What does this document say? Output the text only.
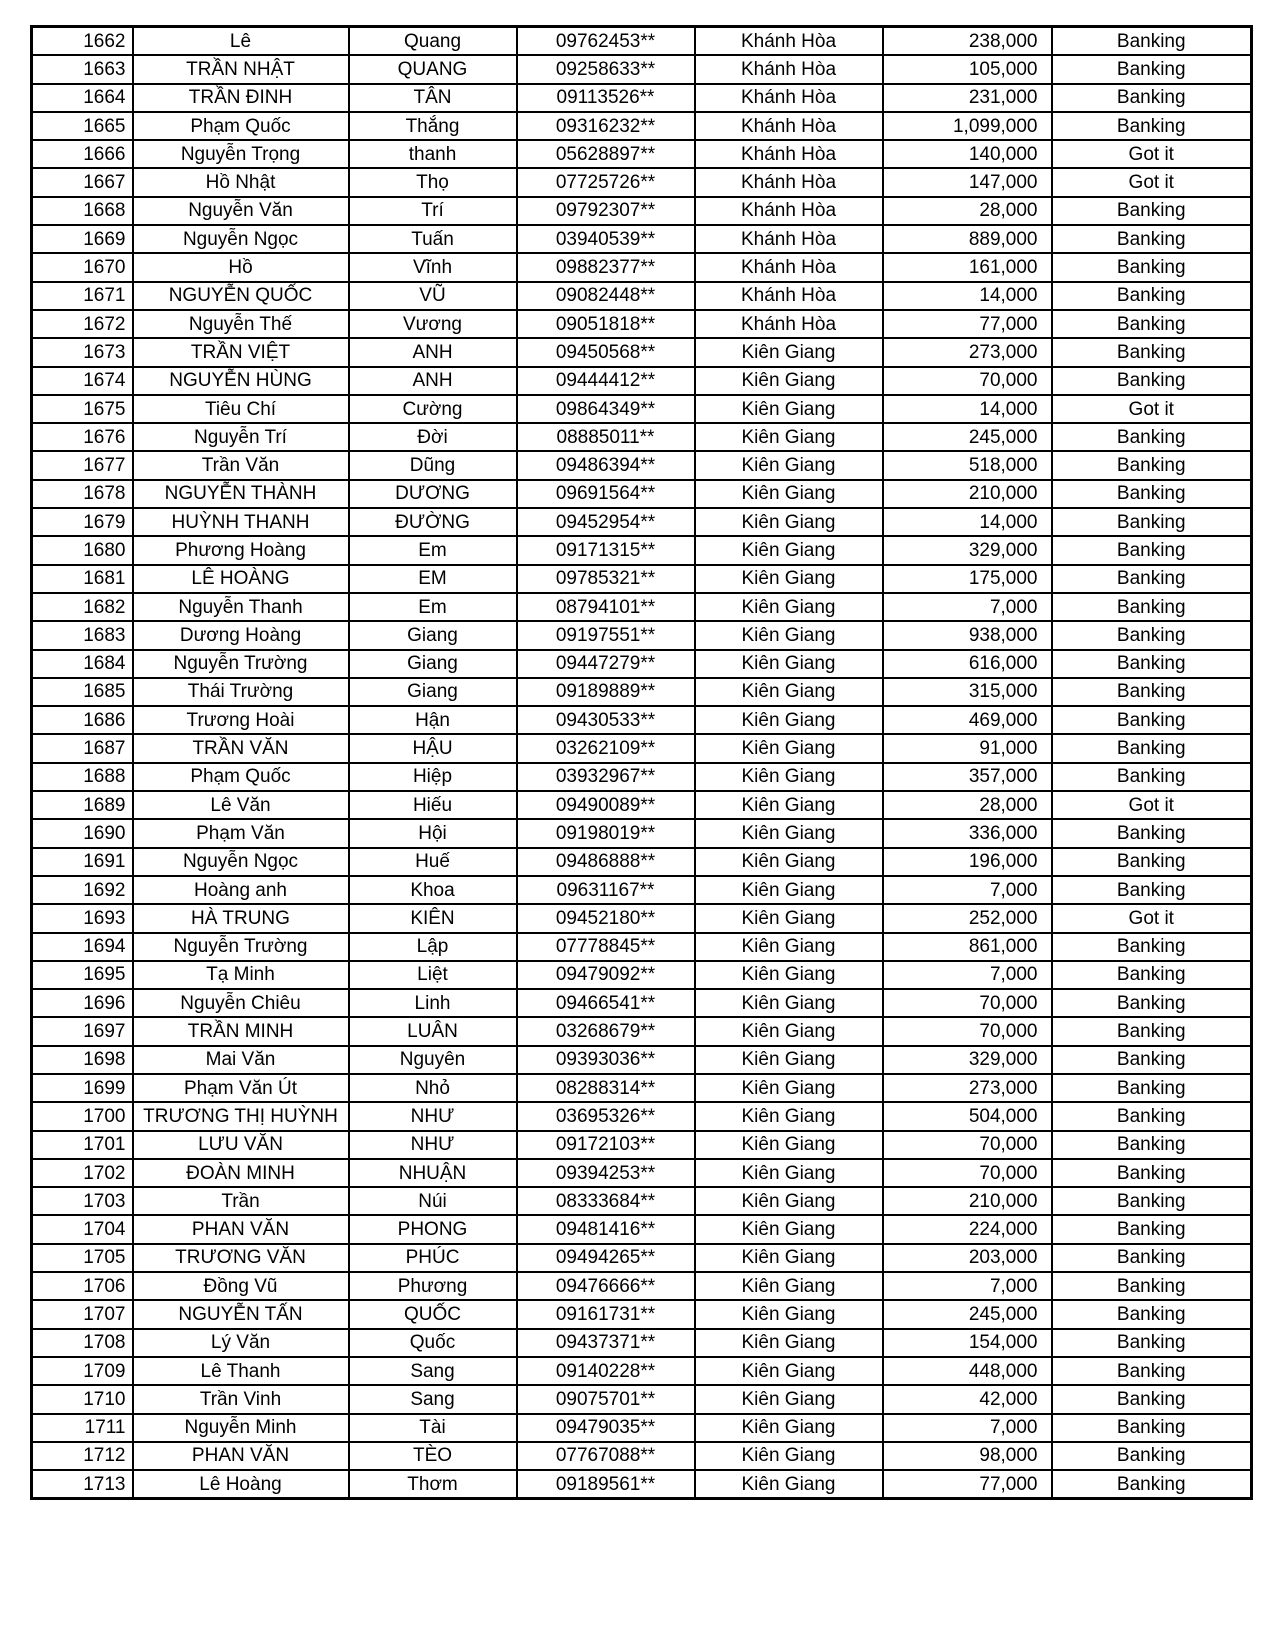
1662	Lê	Quang	09762453**	Khánh Hòa	238,000	Banking
1663	TRẦN NHẬT	QUANG	09258633**	Khánh Hòa	105,000	Banking
1664	TRẦN ĐINH	TÂN	09113526**	Khánh Hòa	231,000	Banking
1665	Phạm Quốc	Thắng	09316232**	Khánh Hòa	1,099,000	Banking
1666	Nguyễn Trọng	thanh	05628897**	Khánh Hòa	140,000	Got it
1667	Hồ Nhật	Thọ	07725726**	Khánh Hòa	147,000	Got it
1668	Nguyễn Văn	Trí	09792307**	Khánh Hòa	28,000	Banking
1669	Nguyễn Ngọc	Tuấn	03940539**	Khánh Hòa	889,000	Banking
1670	Hồ	Vĩnh	09882377**	Khánh Hòa	161,000	Banking
1671	NGUYỄN QUỐC	VŨ	09082448**	Khánh Hòa	14,000	Banking
1672	Nguyễn Thế	Vương	09051818**	Khánh Hòa	77,000	Banking
1673	TRẦN VIỆT	ANH	09450568**	Kiên Giang	273,000	Banking
1674	NGUYỄN HÙNG	ANH	09444412**	Kiên Giang	70,000	Banking
1675	Tiêu Chí	Cường	09864349**	Kiên Giang	14,000	Got it
1676	Nguyễn Trí	Đời	08885011**	Kiên Giang	245,000	Banking
1677	Trần Văn	Dũng	09486394**	Kiên Giang	518,000	Banking
1678	NGUYỄN THÀNH	DƯƠNG	09691564**	Kiên Giang	210,000	Banking
1679	HUỲNH THANH	ĐƯỜNG	09452954**	Kiên Giang	14,000	Banking
1680	Phương Hoàng	Em	09171315**	Kiên Giang	329,000	Banking
1681	LÊ HOÀNG	EM	09785321**	Kiên Giang	175,000	Banking
1682	Nguyễn Thanh	Em	08794101**	Kiên Giang	7,000	Banking
1683	Dương Hoàng	Giang	09197551**	Kiên Giang	938,000	Banking
1684	Nguyễn Trường	Giang	09447279**	Kiên Giang	616,000	Banking
1685	Thái Trường	Giang	09189889**	Kiên Giang	315,000	Banking
1686	Trương Hoài	Hận	09430533**	Kiên Giang	469,000	Banking
1687	TRẦN VĂN	HẬU	03262109**	Kiên Giang	91,000	Banking
1688	Phạm Quốc	Hiệp	03932967**	Kiên Giang	357,000	Banking
1689	Lê Văn	Hiếu	09490089**	Kiên Giang	28,000	Got it
1690	Phạm Văn	Hội	09198019**	Kiên Giang	336,000	Banking
1691	Nguyễn Ngọc	Huế	09486888**	Kiên Giang	196,000	Banking
1692	Hoàng anh	Khoa	09631167**	Kiên Giang	7,000	Banking
1693	HÀ TRUNG	KIÊN	09452180**	Kiên Giang	252,000	Got it
1694	Nguyễn Trường	Lập	07778845**	Kiên Giang	861,000	Banking
1695	Tạ Minh	Liệt	09479092**	Kiên Giang	7,000	Banking
1696	Nguyễn Chiêu	Linh	09466541**	Kiên Giang	70,000	Banking
1697	TRẦN MINH	LUÂN	03268679**	Kiên Giang	70,000	Banking
1698	Mai Văn	Nguyên	09393036**	Kiên Giang	329,000	Banking
1699	Phạm Văn Út	Nhỏ	08288314**	Kiên Giang	273,000	Banking
1700	TRƯƠNG THỊ HUỲNH	NHƯ	03695326**	Kiên Giang	504,000	Banking
1701	LƯU VĂN	NHƯ	09172103**	Kiên Giang	70,000	Banking
1702	ĐOÀN MINH	NHUẬN	09394253**	Kiên Giang	70,000	Banking
1703	Trần	Núi	08333684**	Kiên Giang	210,000	Banking
1704	PHAN VĂN	PHONG	09481416**	Kiên Giang	224,000	Banking
1705	TRƯƠNG VĂN	PHÚC	09494265**	Kiên Giang	203,000	Banking
1706	Đồng Vũ	Phương	09476666**	Kiên Giang	7,000	Banking
1707	NGUYỄN TẤN	QUỐC	09161731**	Kiên Giang	245,000	Banking
1708	Lý Văn	Quốc	09437371**	Kiên Giang	154,000	Banking
1709	Lê Thanh	Sang	09140228**	Kiên Giang	448,000	Banking
1710	Trần Vinh	Sang	09075701**	Kiên Giang	42,000	Banking
1711	Nguyễn Minh	Tài	09479035**	Kiên Giang	7,000	Banking
1712	PHAN VĂN	TÈO	07767088**	Kiên Giang	98,000	Banking
1713	Lê Hoàng	Thơm	09189561**	Kiên Giang	77,000	Banking
